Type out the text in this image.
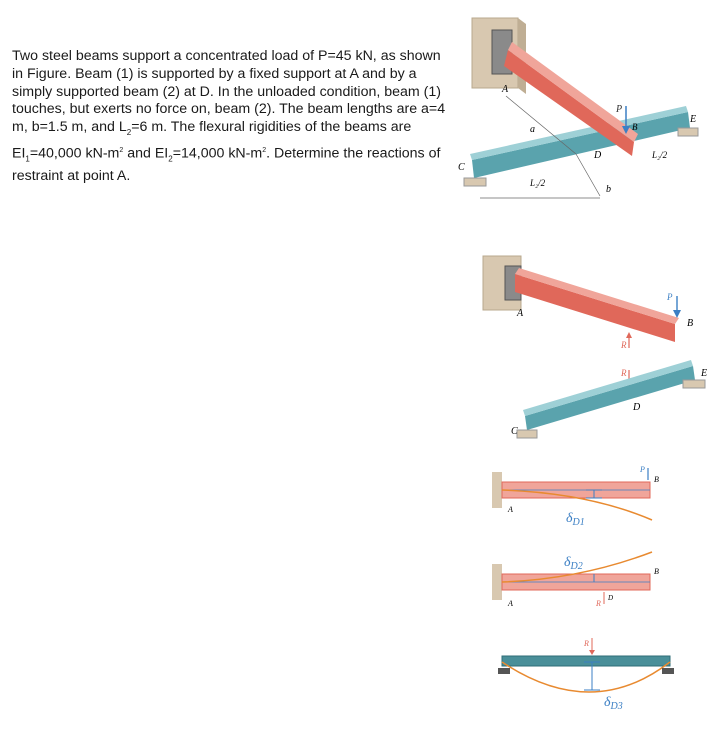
Two steel beams support a concentrated load of P=45 kN, as shown in Figure. Beam (1) is supported by a fixed support at A and by a simply supported beam (2) at D. In the unloaded condition, beam (1) touches, but exerts no force on, beam (2). The beam lengths are a=4 m, b=1.5 m, and $L_2=6$ m. The flexural rigidities of the beams are $EI_1=40,000$ $kN-m^2$ and $EI_2=14,000$ $kN-m^2$. Determine the reactions of restraint at point A.

P
A
B
C
D
E
a
b
L₂/2
L₂/2
P
B
A
R
R
C
D
E
P
B
A
$\delta_{D1}$
R
D
A
B
$\delta_{D2}$
R
$\delta_{D3}$
